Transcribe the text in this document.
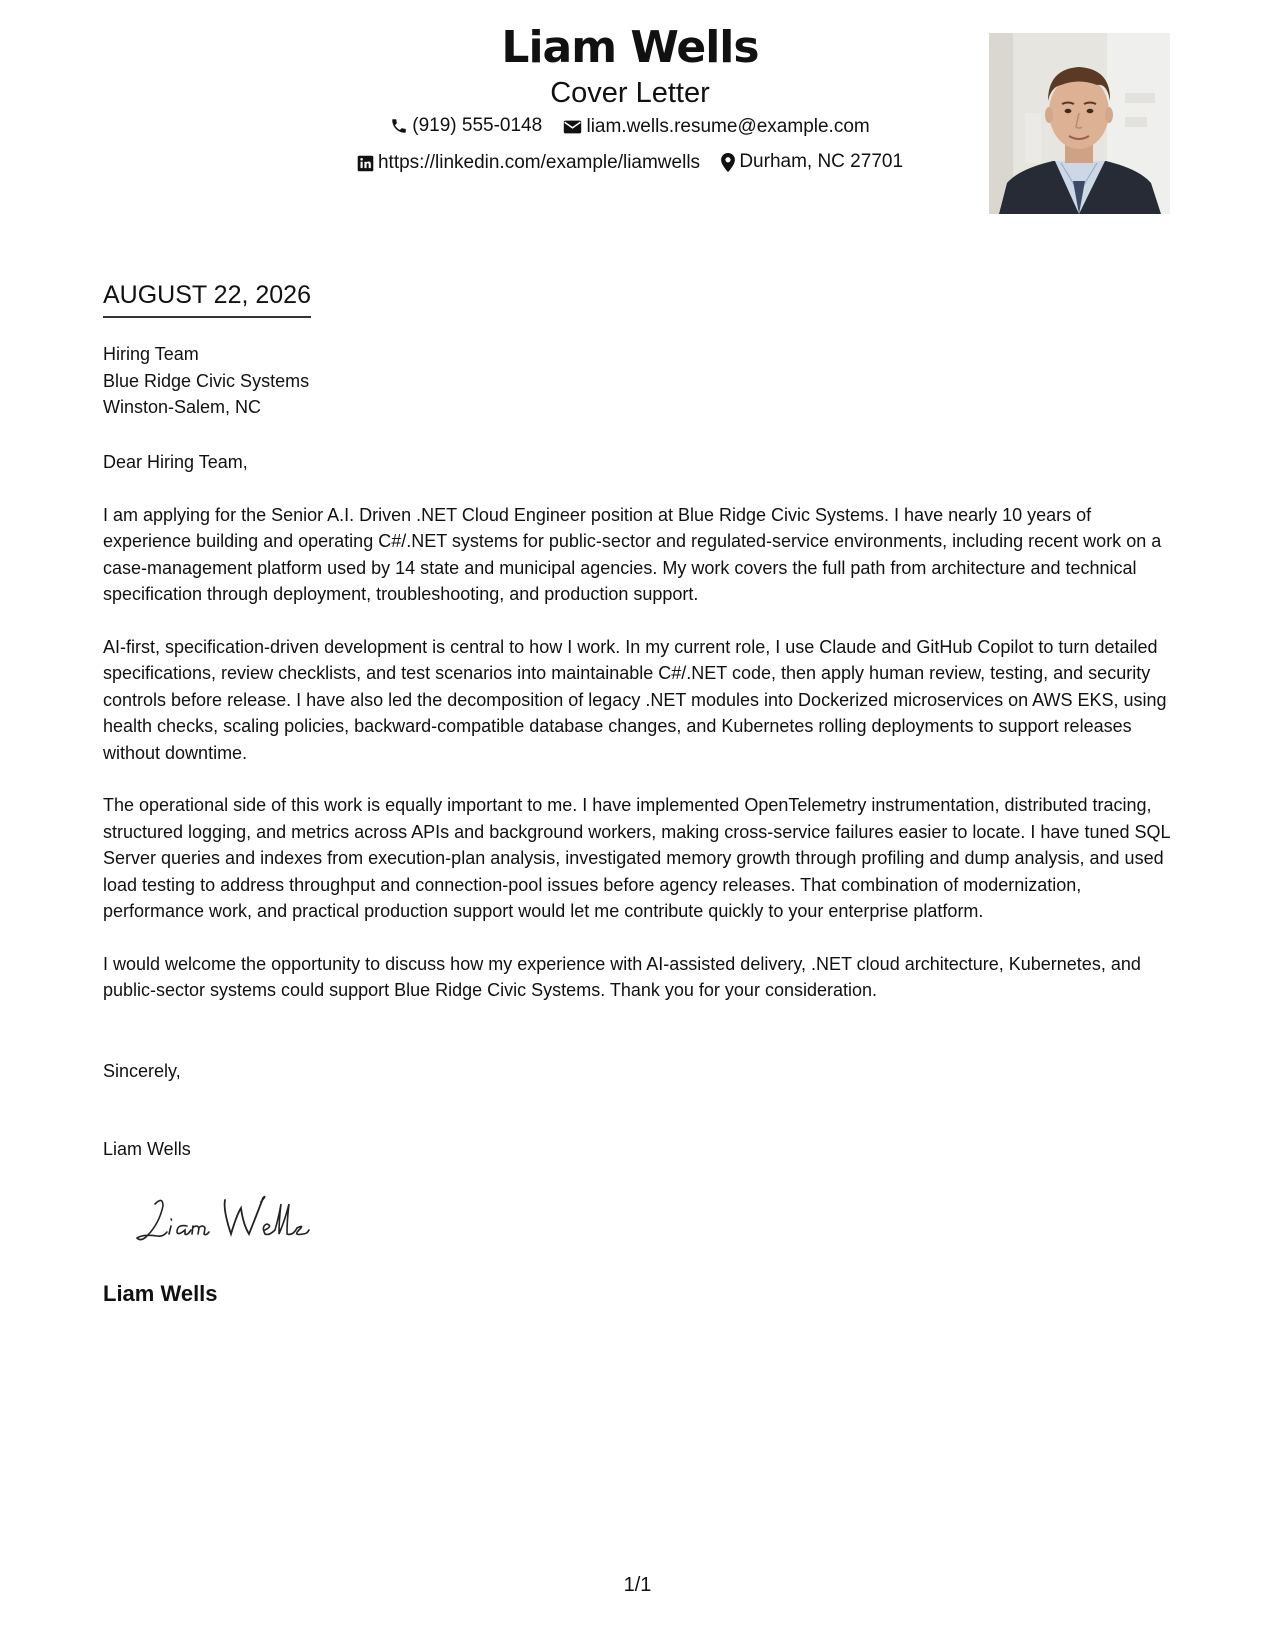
Liam Wells
Cover Letter
(919) 555-0148
liam.wells.resume@example.com
https://linkedin.com/example/liamwells
Durham, NC 27701
AUGUST 22, 2026
Hiring Team
Blue Ridge Civic Systems
Winston-Salem, NC

Dear Hiring Team,

I am applying for the Senior A.I. Driven .NET Cloud Engineer position at Blue Ridge Civic Systems. I have nearly 10 years of experience building and operating C#/.NET systems for public-sector and regulated-service environments, including recent work on a case-management platform used by 14 state and municipal agencies. My work covers the full path from architecture and technical specification through deployment, troubleshooting, and production support.

AI-first, specification-driven development is central to how I work. In my current role, I use Claude and GitHub Copilot to turn detailed specifications, review checklists, and test scenarios into maintainable C#/.NET code, then apply human review, testing, and security controls before release. I have also led the decomposition of legacy .NET modules into Dockerized microservices on AWS EKS, using health checks, scaling policies, backward-compatible database changes, and Kubernetes rolling deployments to support releases without downtime.

The operational side of this work is equally important to me. I have implemented OpenTelemetry instrumentation, distributed tracing, structured logging, and metrics across APIs and background workers, making cross-service failures easier to locate. I have tuned SQL Server queries and indexes from execution-plan analysis, investigated memory growth through profiling and dump analysis, and used load testing to address throughput and connection-pool issues before agency releases. That combination of modernization, performance work, and practical production support would let me contribute quickly to your enterprise platform.

I would welcome the opportunity to discuss how my experience with AI-assisted delivery, .NET cloud architecture, Kubernetes, and public-sector systems could support Blue Ridge Civic Systems. Thank you for your consideration.

Sincerely,
Liam Wells
Liam Wells
1/1
